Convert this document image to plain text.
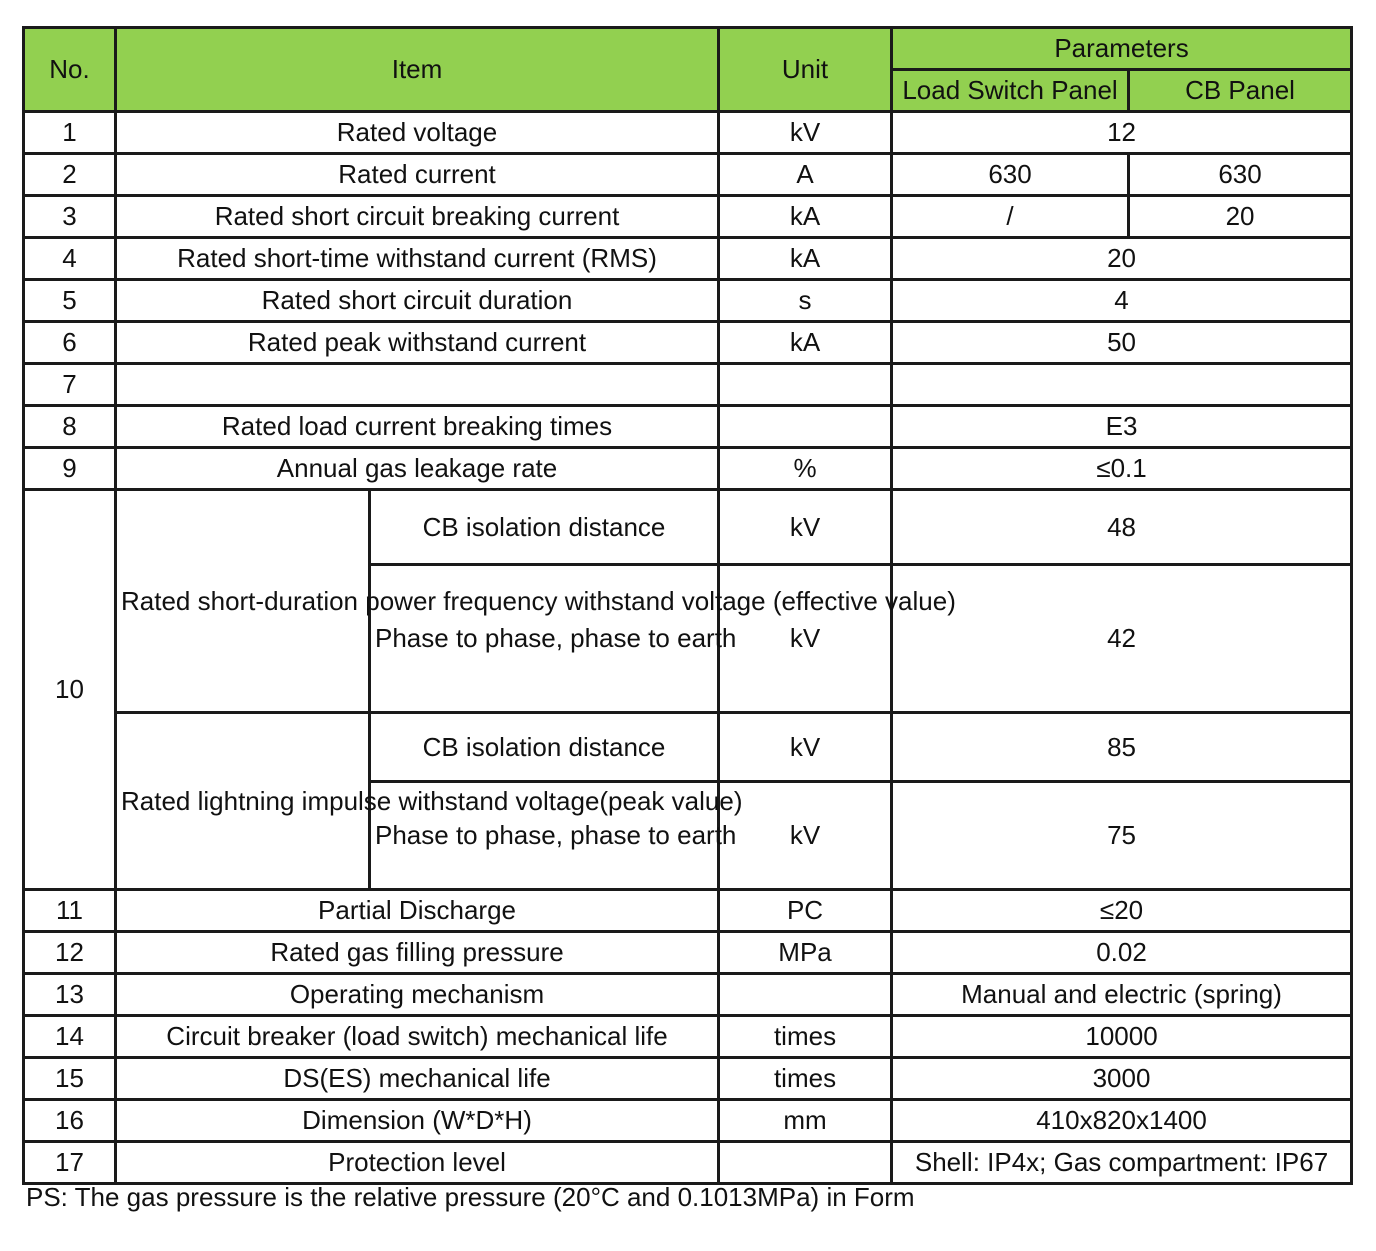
No.	Item		Unit	Parameters	
				Load Switch Panel	CB Panel
1	Rated voltage		kV	12	
2	Rated current		A	630	630
3	Rated short circuit breaking current		kA	/	20
4	Rated short-time withstand current (RMS)		kA	20	
5	Rated short circuit duration		s	4	
6	Rated peak withstand current		kA	50	
7					
8	Rated load current breaking times			E3	
9	Annual gas leakage rate		%	≤0.1	
10	Rated short-duration power frequency withstand voltage (effective value)	CB isolation distance	kV	48	
		Phase to phase, phase to earth	kV	42	
	Rated lightning impulse withstand voltage(peak value)	CB isolation distance	kV	85	
		Phase to phase, phase to earth	kV	75	
11	Partial Discharge		PC	≤20	
12	Rated gas filling pressure		MPa	0.02	
13	Operating mechanism			Manual and electric (spring)	
14	Circuit breaker (load switch) mechanical life		times	10000	
15	DS(ES) mechanical life		times	3000	
16	Dimension (W*D*H)		mm	410x820x1400	
17	Protection level			Shell: IP4x; Gas compartment: IP67	
PS: The gas pressure is the relative pressure (20°C and 0.1013MPa) in Form
